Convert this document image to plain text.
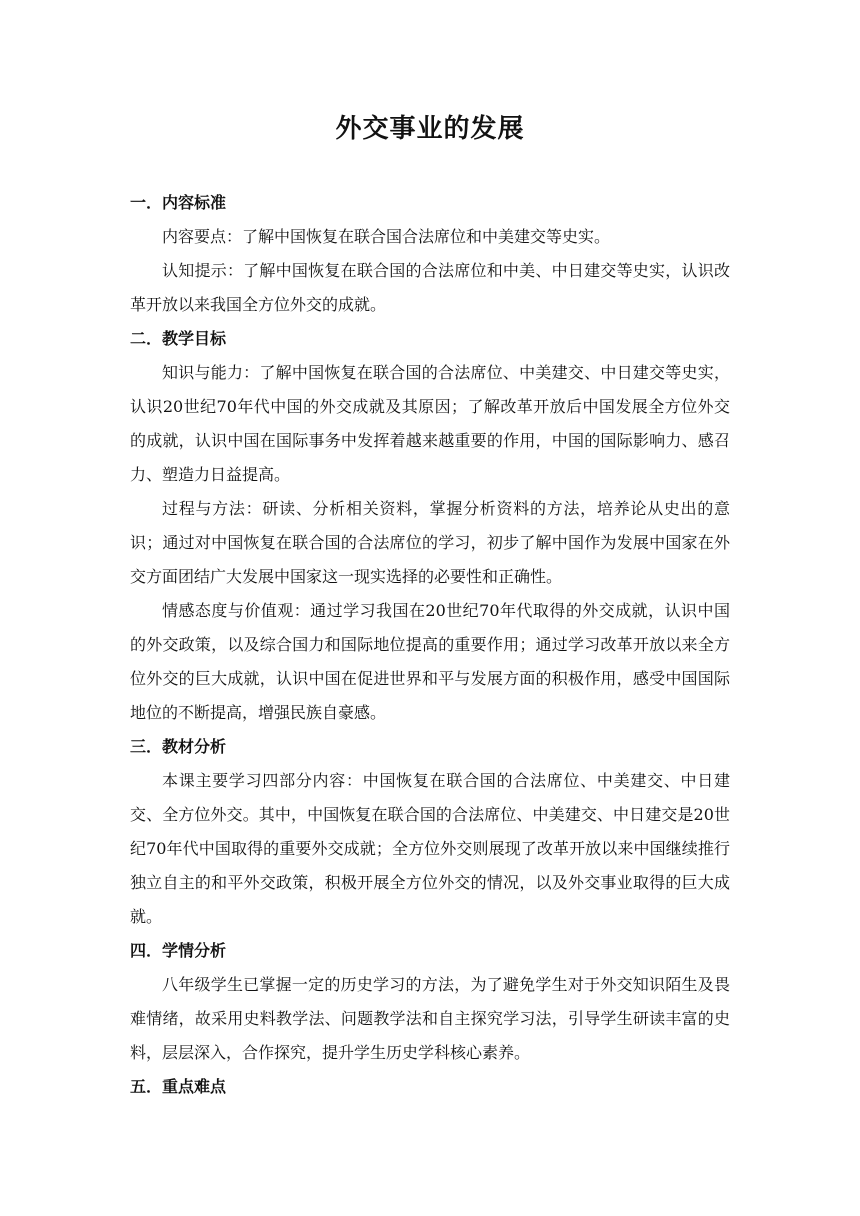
外交事业的发展
一．内容标准

内容要点：了解中国恢复在联合国合法席位和中美建交等史实。

认知提示：了解中国恢复在联合国的合法席位和中美、中日建交等史实，认识改革开放以来我国全方位外交的成就。

二．教学目标

知识与能力：了解中国恢复在联合国的合法席位、中美建交、中日建交等史实，认识20世纪70年代中国的外交成就及其原因；了解改革开放后中国发展全方位外交的成就，认识中国在国际事务中发挥着越来越重要的作用，中国的国际影响力、感召力、塑造力日益提高。

过程与方法：研读、分析相关资料，掌握分析资料的方法，培养论从史出的意识；通过对中国恢复在联合国的合法席位的学习，初步了解中国作为发展中国家在外交方面团结广大发展中国家这一现实选择的必要性和正确性。

情感态度与价值观：通过学习我国在20世纪70年代取得的外交成就，认识中国的外交政策，以及综合国力和国际地位提高的重要作用；通过学习改革开放以来全方位外交的巨大成就，认识中国在促进世界和平与发展方面的积极作用，感受中国国际地位的不断提高，增强民族自豪感。

三．教材分析

本课主要学习四部分内容：中国恢复在联合国的合法席位、中美建交、中日建交、全方位外交。其中，中国恢复在联合国的合法席位、中美建交、中日建交是20世纪70年代中国取得的重要外交成就；全方位外交则展现了改革开放以来中国继续推行独立自主的和平外交政策，积极开展全方位外交的情况，以及外交事业取得的巨大成就。

四．学情分析

八年级学生已掌握一定的历史学习的方法，为了避免学生对于外交知识陌生及畏难情绪，故采用史料教学法、问题教学法和自主探究学习法，引导学生研读丰富的史料，层层深入，合作探究，提升学生历史学科核心素养。

五．重点难点
